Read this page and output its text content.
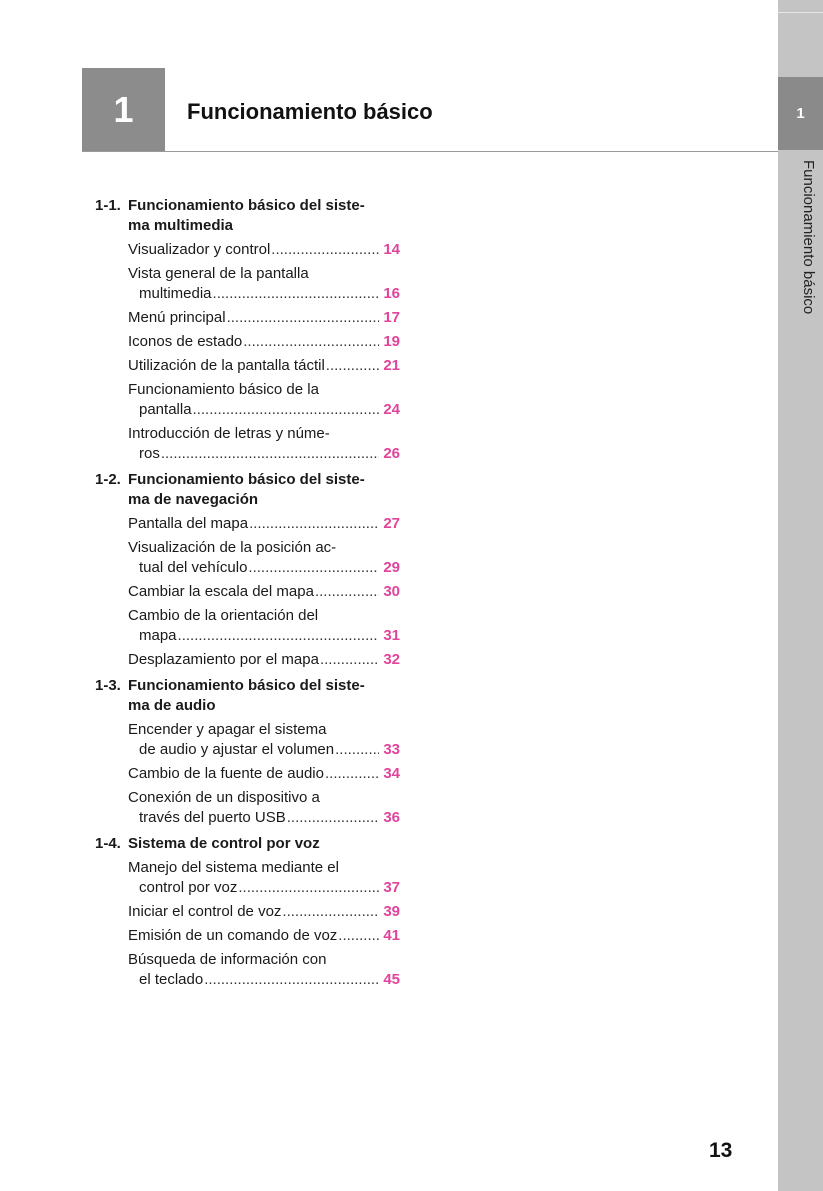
1
Funcionamiento básico
1	Funcionamiento básico
1-1. Funcionamiento básico del siste-
ma multimedia
Visualizador y control .....	14
Vista general de la pantalla
multimedia .....	16
Menú principal .....	17
Iconos de estado .....	19
Utilización de la pantalla táctil .....	21
Funcionamiento básico de la
pantalla .....	24
Introducción de letras y núme-
ros .....	26
1-2. Funcionamiento básico del siste-
ma de navegación
Pantalla del mapa .....	27
Visualización de la posición ac-
tual del vehículo .....	29
Cambiar la escala del mapa .....	30
Cambio de la orientación del
mapa .....	31
Desplazamiento por el mapa .....	32
1-3. Funcionamiento básico del siste-
ma de audio
Encender y apagar el sistema
de audio y ajustar el volumen .....	33
Cambio de la fuente de audio .....	34
Conexión de un dispositivo a
través del puerto USB .....	36
1-4. Sistema de control por voz
Manejo del sistema mediante el
control por voz .....	37
Iniciar el control de voz .....	39
Emisión de un comando de voz .....	41
Búsqueda de información con
el teclado .....	45
13
